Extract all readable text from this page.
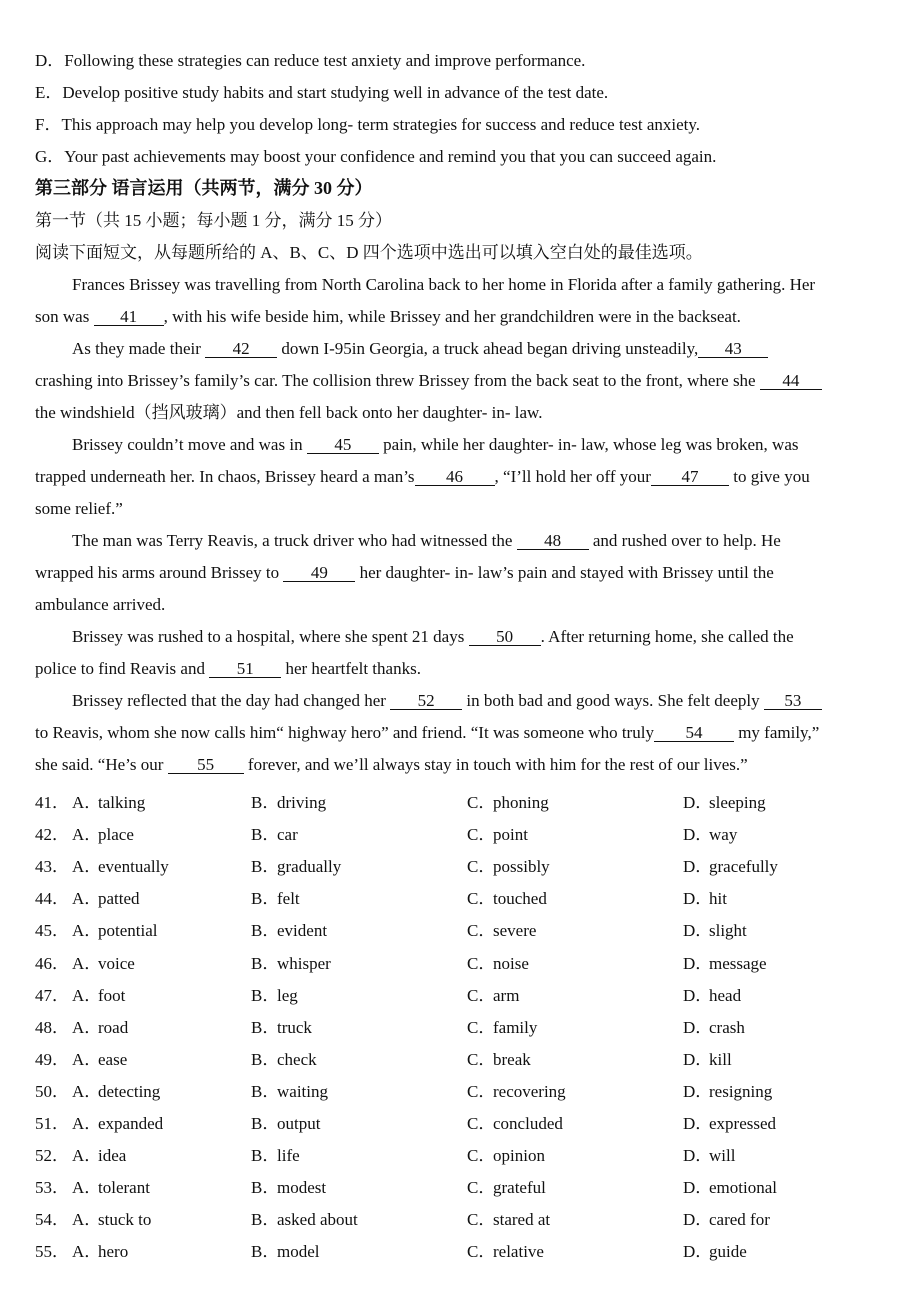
D．Following these strategies can reduce test anxiety and improve performance.
E．Develop positive study habits and start studying well in advance of the test date.
F．This approach may help you develop long- term strategies for success and reduce test anxiety.
G．Your past achievements may boost your confidence and remind you that you can succeed again.
第三部分 语言运用（共两节，满分 30 分）
第一节（共 15 小题；每小题 1 分，满分 15 分）
阅读下面短文，从每题所给的 A、B、C、D 四个选项中选出可以填入空白处的最佳选项。
Frances Brissey was travelling from North Carolina back to her home in Florida after a family gathering. Her
son was 41 , with his wife beside him, while Brissey and her grandchildren were in the backseat.
As they made their 42 down I-95in Georgia, a truck ahead began driving unsteadily, 43
crashing into Brissey’s family’s car. The collision threw Brissey from the back seat to the front, where she 44
the windshield（挡风玻璃）and then fell back onto her daughter- in- law.
Brissey couldn’t move and was in 45 pain, while her daughter- in- law, whose leg was broken, was
trapped underneath her. In chaos, Brissey heard a man’s 46 , “I’ll hold her off your 47 to give you
some relief.”
The man was Terry Reavis, a truck driver who had witnessed the 48 and rushed over to help. He
wrapped his arms around Brissey to 49 her daughter- in- law’s pain and stayed with Brissey until the
ambulance arrived.
Brissey was rushed to a hospital, where she spent 21 days 50 . After returning home, she called the
police to find Reavis and 51 her heartfelt thanks.
Brissey reflected that the day had changed her 52 in both bad and good ways. She felt deeply 53
to Reavis, whom she now calls him“ highway hero” and friend. “It was someone who truly 54 my family,”
she said. “He’s our 55 forever, and we’ll always stay in touch with him for the rest of our lives.”
41． A．talking	B．driving	C．phoning	D．sleeping
42． A．place	B．car	C．point	D．way
43． A．eventually	B．gradually	C．possibly	D．gracefully
44． A．patted	B．felt	C．touched	D．hit
45． A．potential	B．evident	C．severe	D．slight
46． A．voice	B．whisper	C．noise	D．message
47． A．foot	B．leg	C．arm	D．head
48． A．road	B．truck	C．family	D．crash
49． A．ease	B．check	C．break	D．kill
50． A．detecting	B．waiting	C．recovering	D．resigning
51． A．expanded	B．output	C．concluded	D．expressed
52． A．idea	B．life	C．opinion	D．will
53． A．tolerant	B．modest	C．grateful	D．emotional
54． A．stuck to	B．asked about	C．stared at	D．cared for
55． A．hero	B．model	C．relative	D．guide
